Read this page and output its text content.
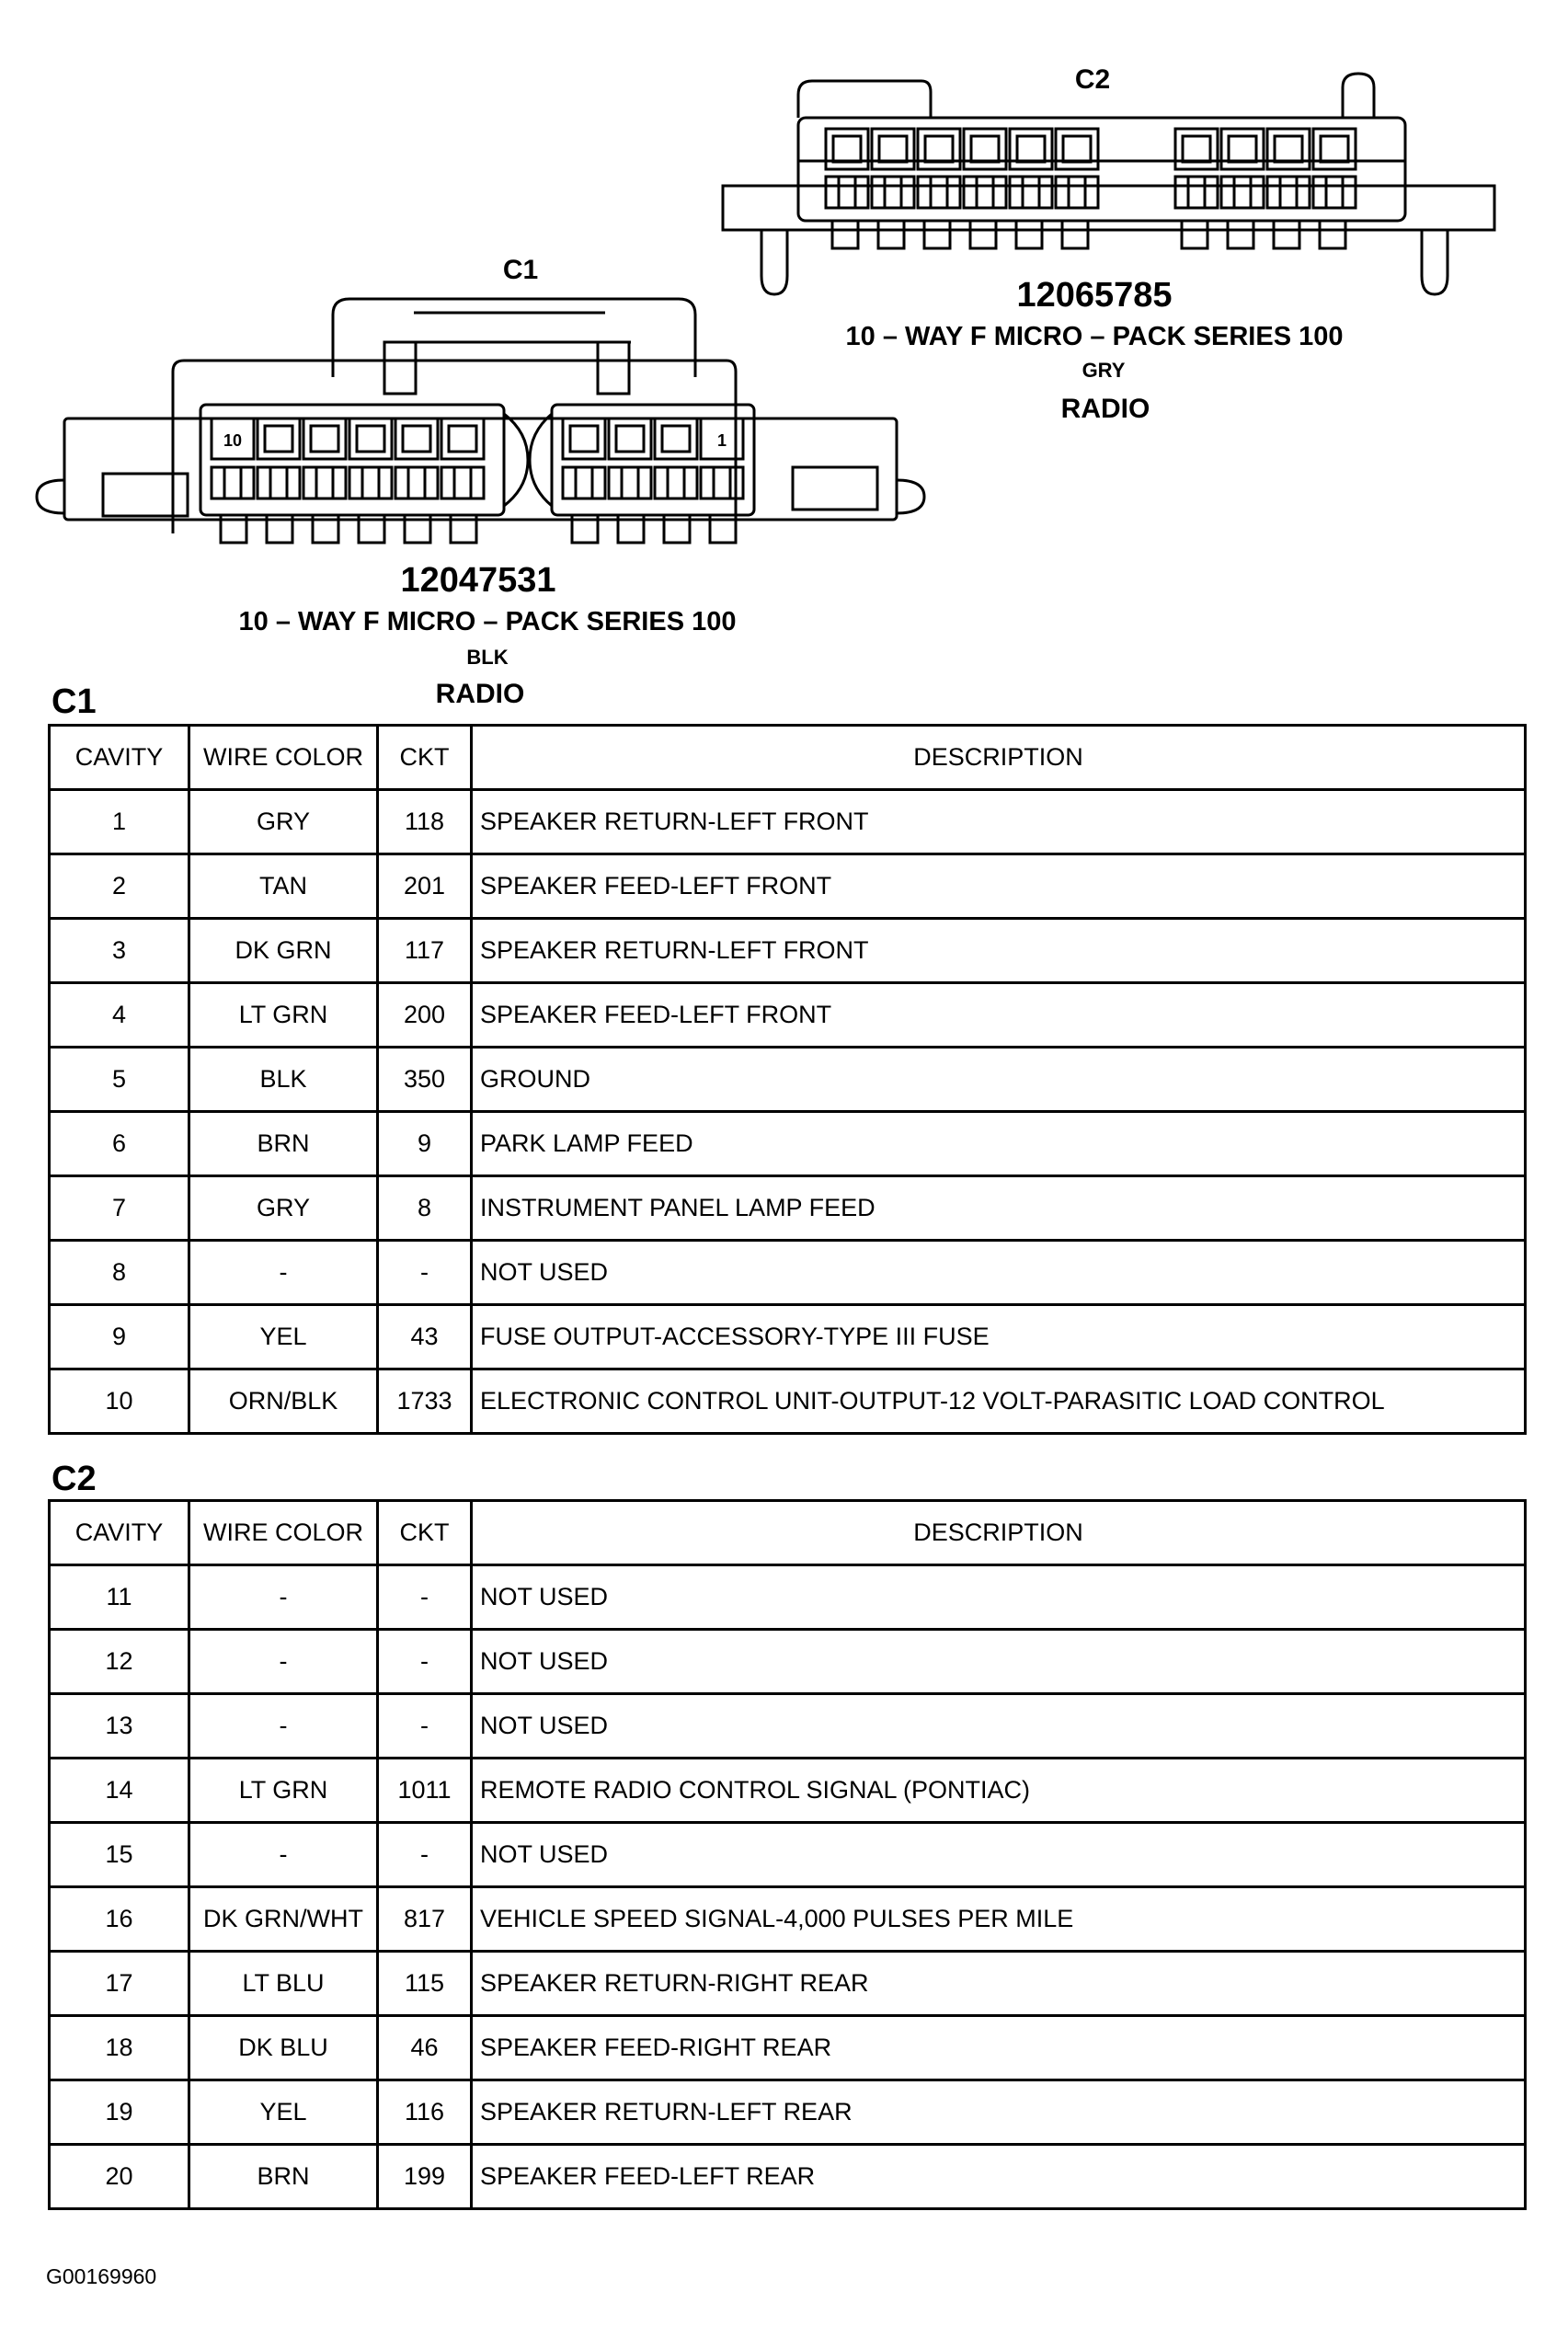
10	1
C2
12065785
10 – WAY F MICRO – PACK SERIES 100
GRY
RADIO
C1
12047531
10 – WAY F MICRO – PACK SERIES 100
BLK
RADIO
C1
CAVITY	WIRE COLOR	CKT	DESCRIPTION
1	GRY	118	SPEAKER RETURN-LEFT FRONT
2	TAN	201	SPEAKER FEED-LEFT FRONT
3	DK GRN	117	SPEAKER RETURN-LEFT FRONT
4	LT GRN	200	SPEAKER FEED-LEFT FRONT
5	BLK	350	GROUND
6	BRN	9	PARK LAMP FEED
7	GRY	8	INSTRUMENT PANEL LAMP FEED
8	-	-	NOT USED
9	YEL	43	FUSE OUTPUT-ACCESSORY-TYPE III FUSE
10	ORN/BLK	1733	ELECTRONIC CONTROL UNIT-OUTPUT-12 VOLT-PARASITIC LOAD CONTROL
C2
CAVITY	WIRE COLOR	CKT	DESCRIPTION
11	-	-	NOT USED
12	-	-	NOT USED
13	-	-	NOT USED
14	LT GRN	1011	REMOTE RADIO CONTROL SIGNAL (PONTIAC)
15	-	-	NOT USED
16	DK GRN/WHT	817	VEHICLE SPEED SIGNAL-4,000 PULSES PER MILE
17	LT BLU	115	SPEAKER RETURN-RIGHT REAR
18	DK BLU	46	SPEAKER FEED-RIGHT REAR
19	YEL	116	SPEAKER RETURN-LEFT REAR
20	BRN	199	SPEAKER FEED-LEFT REAR
G00169960
